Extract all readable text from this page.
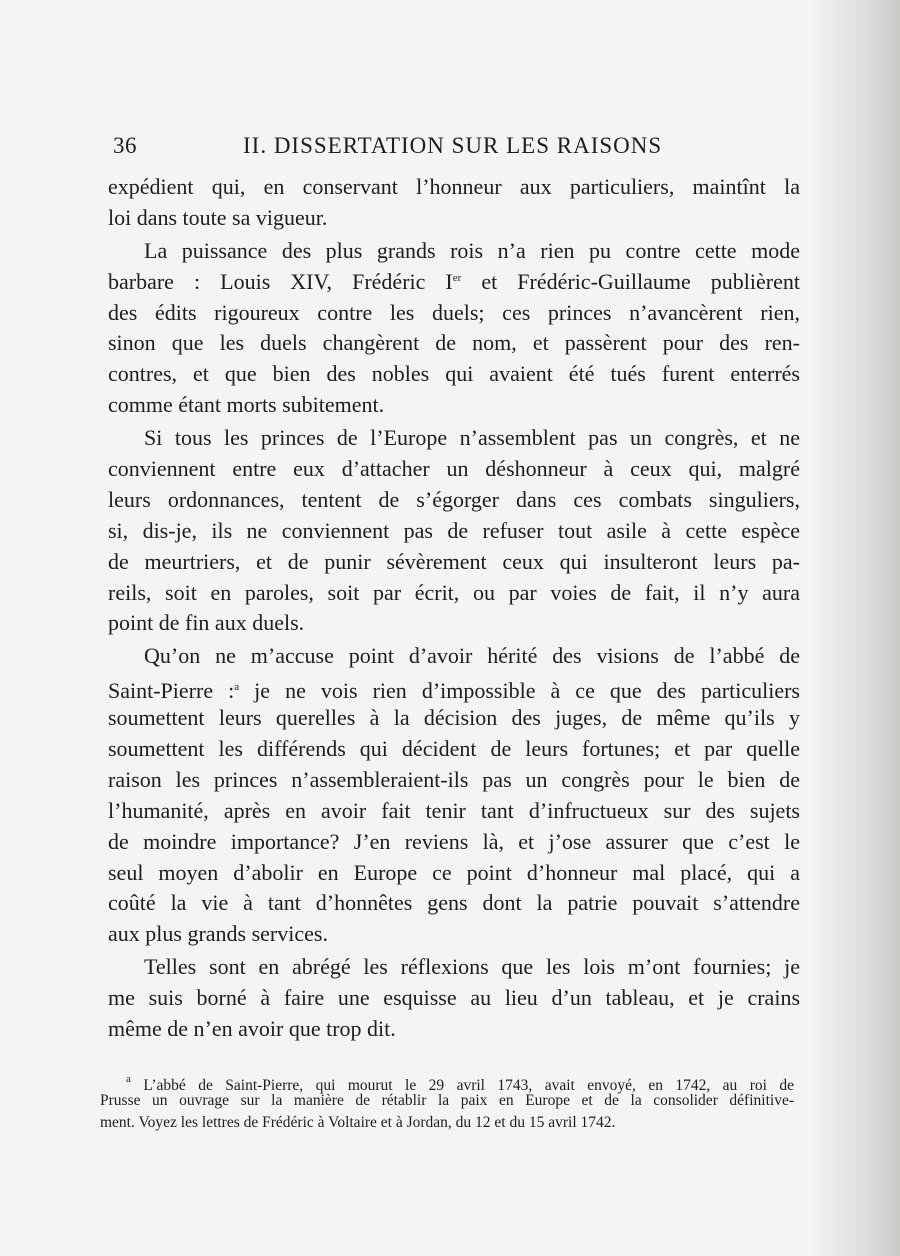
36	II. DISSERTATION SUR LES RAISONS
expédient qui, en conservant l’honneur aux particuliers, maintînt la
loi dans toute sa vigueur.
La puissance des plus grands rois n’a rien pu contre cette mode
barbare : Louis XIV, Frédéric Ier et Frédéric-Guillaume publièrent
des édits rigoureux contre les duels; ces princes n’avancèrent rien,
sinon que les duels changèrent de nom, et passèrent pour des ren-
contres, et que bien des nobles qui avaient été tués furent enterrés
comme étant morts subitement.
Si tous les princes de l’Europe n’assemblent pas un congrès, et ne
conviennent entre eux d’attacher un déshonneur à ceux qui, malgré
leurs ordonnances, tentent de s’égorger dans ces combats singuliers,
si, dis-je, ils ne conviennent pas de refuser tout asile à cette espèce
de meurtriers, et de punir sévèrement ceux qui insulteront leurs pa-
reils, soit en paroles, soit par écrit, ou par voies de fait, il n’y aura
point de fin aux duels.
Qu’on ne m’accuse point d’avoir hérité des visions de l’abbé de
Saint-Pierre :$^a$ je ne vois rien d’impossible à ce que des particuliers
soumettent leurs querelles à la décision des juges, de même qu’ils y
soumettent les différends qui décident de leurs fortunes; et par quelle
raison les princes n’assembleraient-ils pas un congrès pour le bien de
l’humanité, après en avoir fait tenir tant d’infructueux sur des sujets
de moindre importance? J’en reviens là, et j’ose assurer que c’est le
seul moyen d’abolir en Europe ce point d’honneur mal placé, qui a
coûté la vie à tant d’honnêtes gens dont la patrie pouvait s’attendre
aux plus grands services.
Telles sont en abrégé les réflexions que les lois m’ont fournies; je
me suis borné à faire une esquisse au lieu d’un tableau, et je crains
même de n’en avoir que trop dit.
$^a$ L’abbé de Saint-Pierre, qui mourut le 29 avril 1743, avait envoyé, en 1742, au roi de
Prusse un ouvrage sur la manière de rétablir la paix en Europe et de la consolider définitive-
ment. Voyez les lettres de Frédéric à Voltaire et à Jordan, du 12 et du 15 avril 1742.
